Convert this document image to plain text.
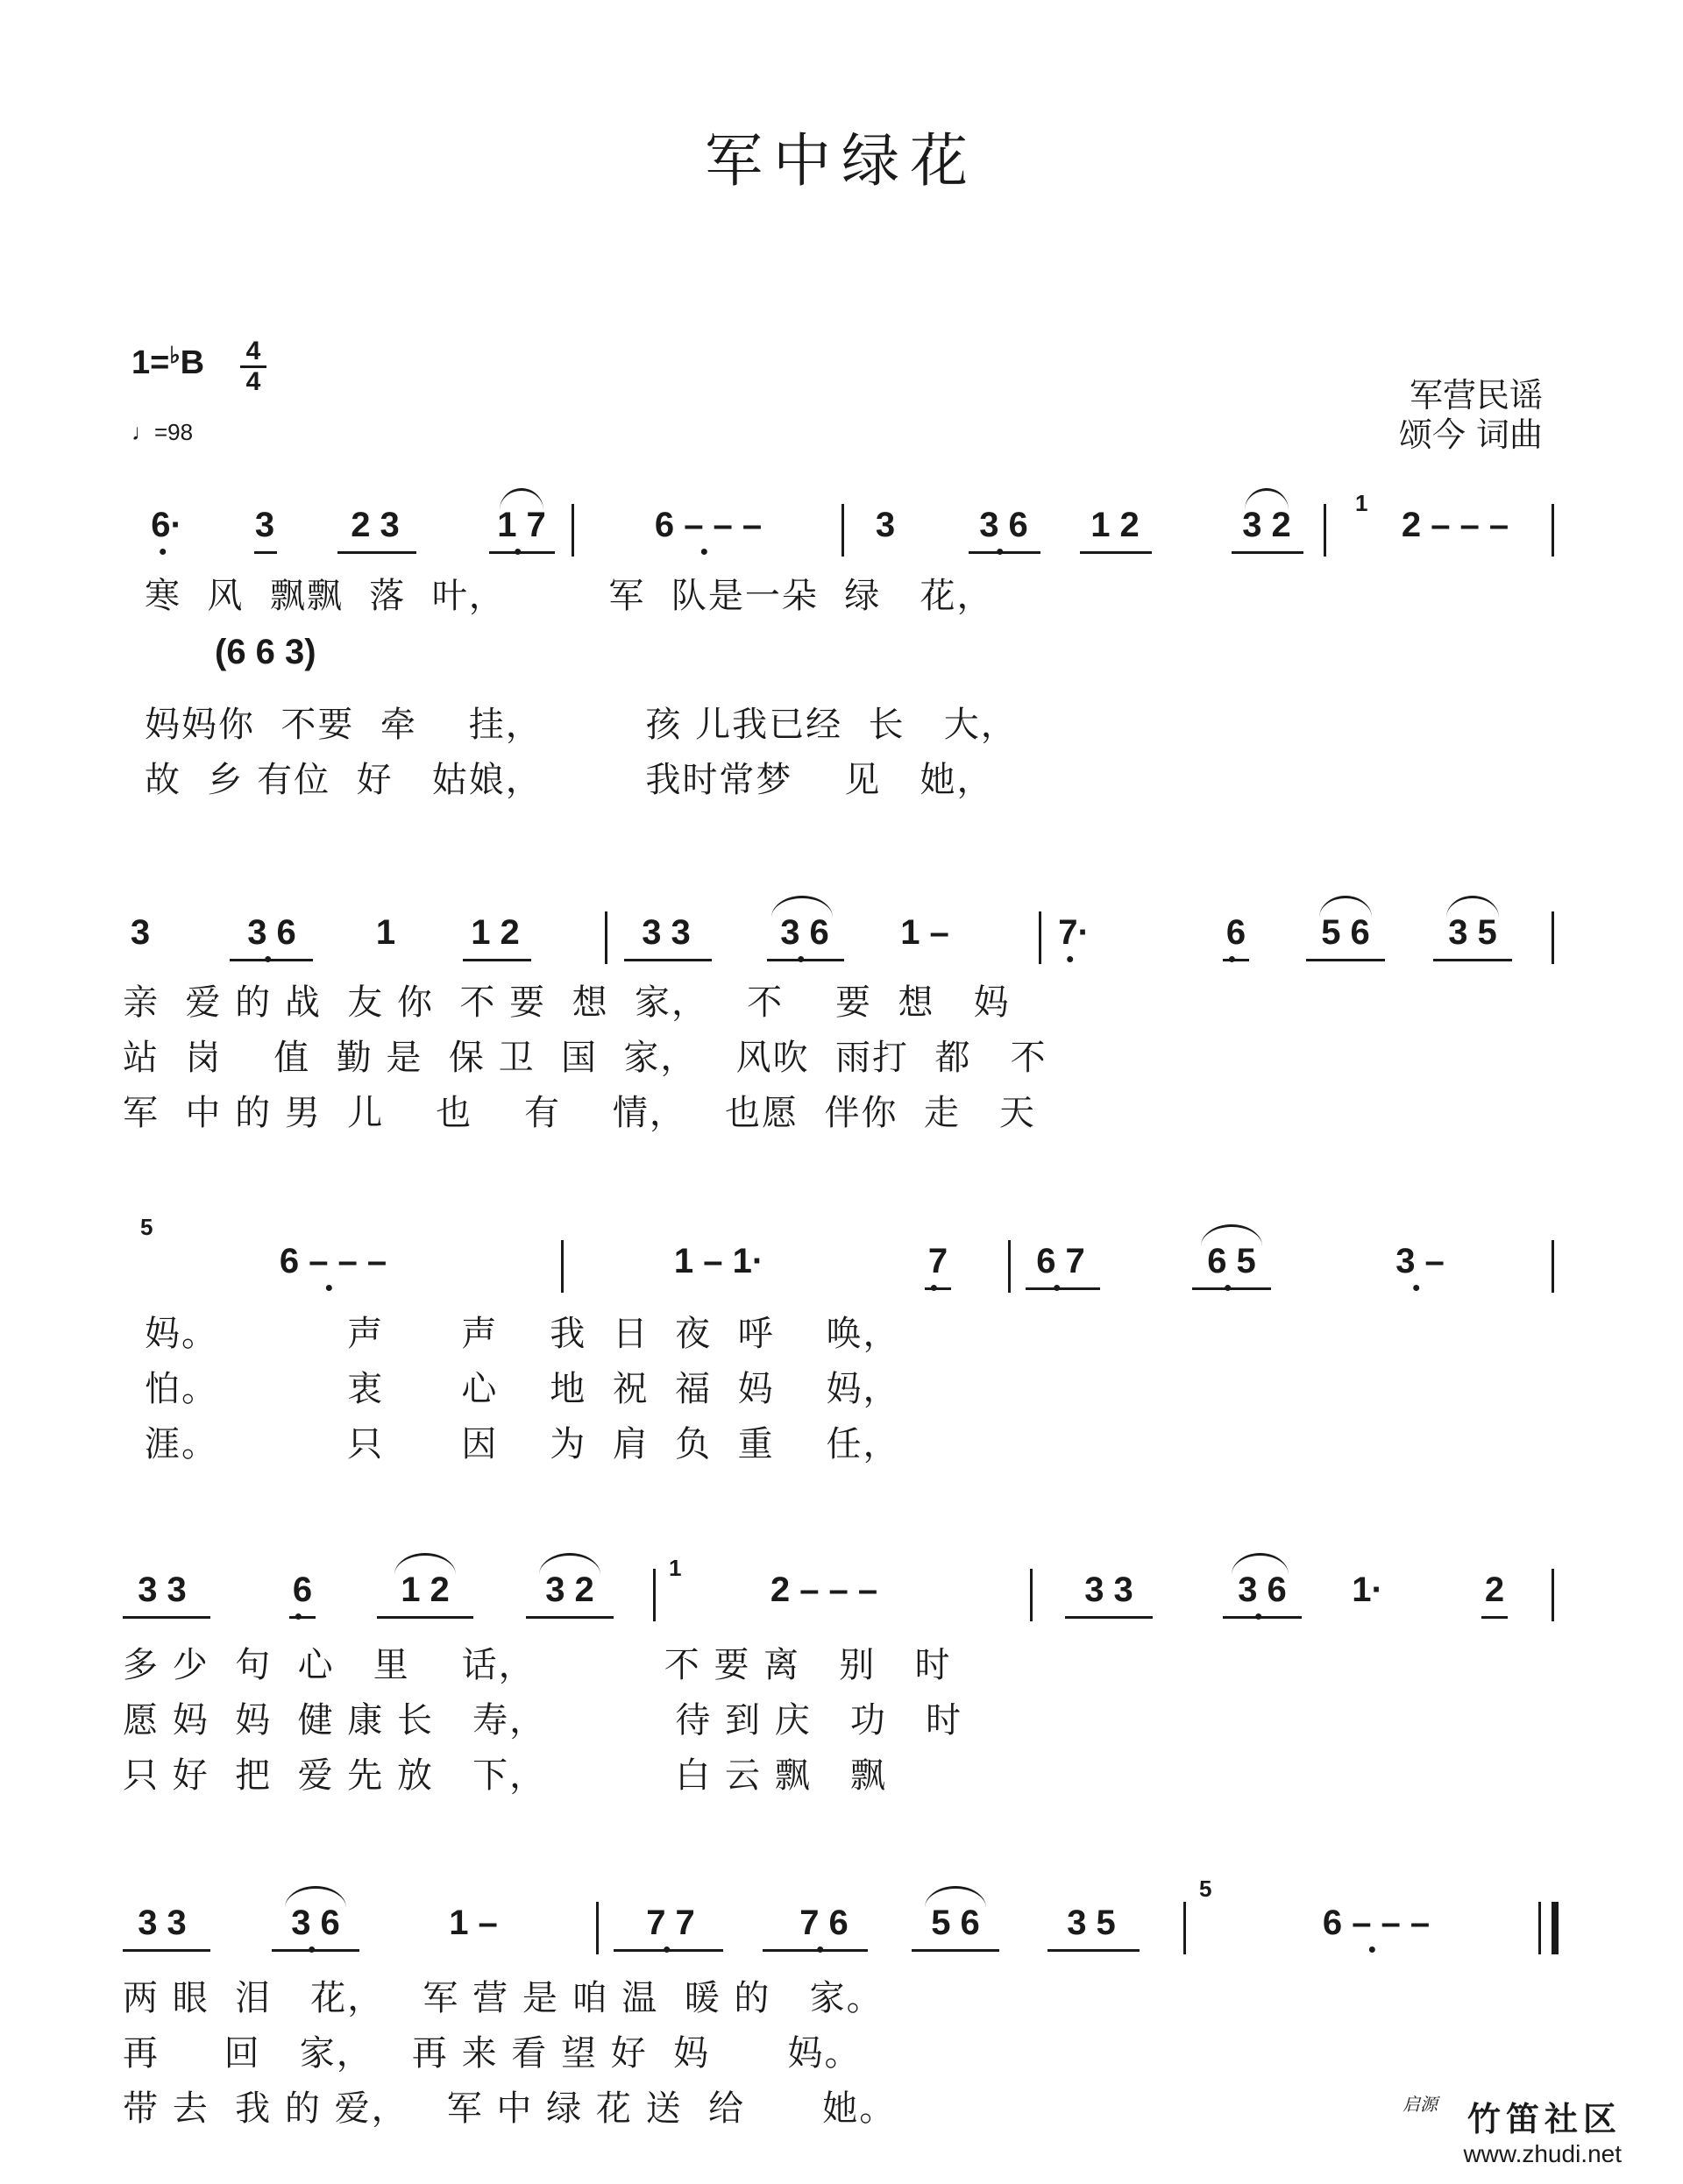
军中绿花
1=♭B 4
4
♩=98
军营民谣
颂今 词曲
6· 3 2 3	1 7	6 – – –	3 3 6 1 2	3 2
1
2 – – –
寒  风  飘飘  落  叶，        军  队是一朵  绿   花，
(6 6 3)
妈妈你  不要  牵    挂，        孩 儿我已经  长   大，
故  乡 有位  好   姑娘，        我时常梦    见   她，
3	3 6 1 1 2	3 3	3 6 1 –	7·	6 5 6 3 5
亲  爱 的 战  友 你  不 要  想  家，   不    要  想   妈
站  岗    值  勤 是  保 卫  国  家，   风吹  雨打  都   不
军  中 的 男  儿    也    有    情，   也愿  伴你  走   天
5
6 – – –	1 – 1·	7	6 7	6 5	3 –
妈。          声      声    我  日  夜  呼    唤，
怕。          衷      心    地  祝  福  妈    妈，
涯。          只      因    为  肩  负  重    任，
3 3	6	1 2	3 2
1
2 – – –	3 3	3 6 1·	2
多 少  句  心   里    话，          不 要 离   别   时
愿 妈  妈  健 康 长   寿，          待 到 庆   功   时
只 好  把  爱 先 放   下，          白 云 飘   飘
3 3	3 6	1 –	7 7	7 6 5 6 3 5
5
6 – – –
两 眼  泪   花，   军 营 是 咱 温  暖 的   家。
再     回   家，   再 来 看 望 好  妈      妈。
带 去  我 的 爱，   军 中 绿 花 送  给      她。	启源 竹笛社区
www.zhudi.net
